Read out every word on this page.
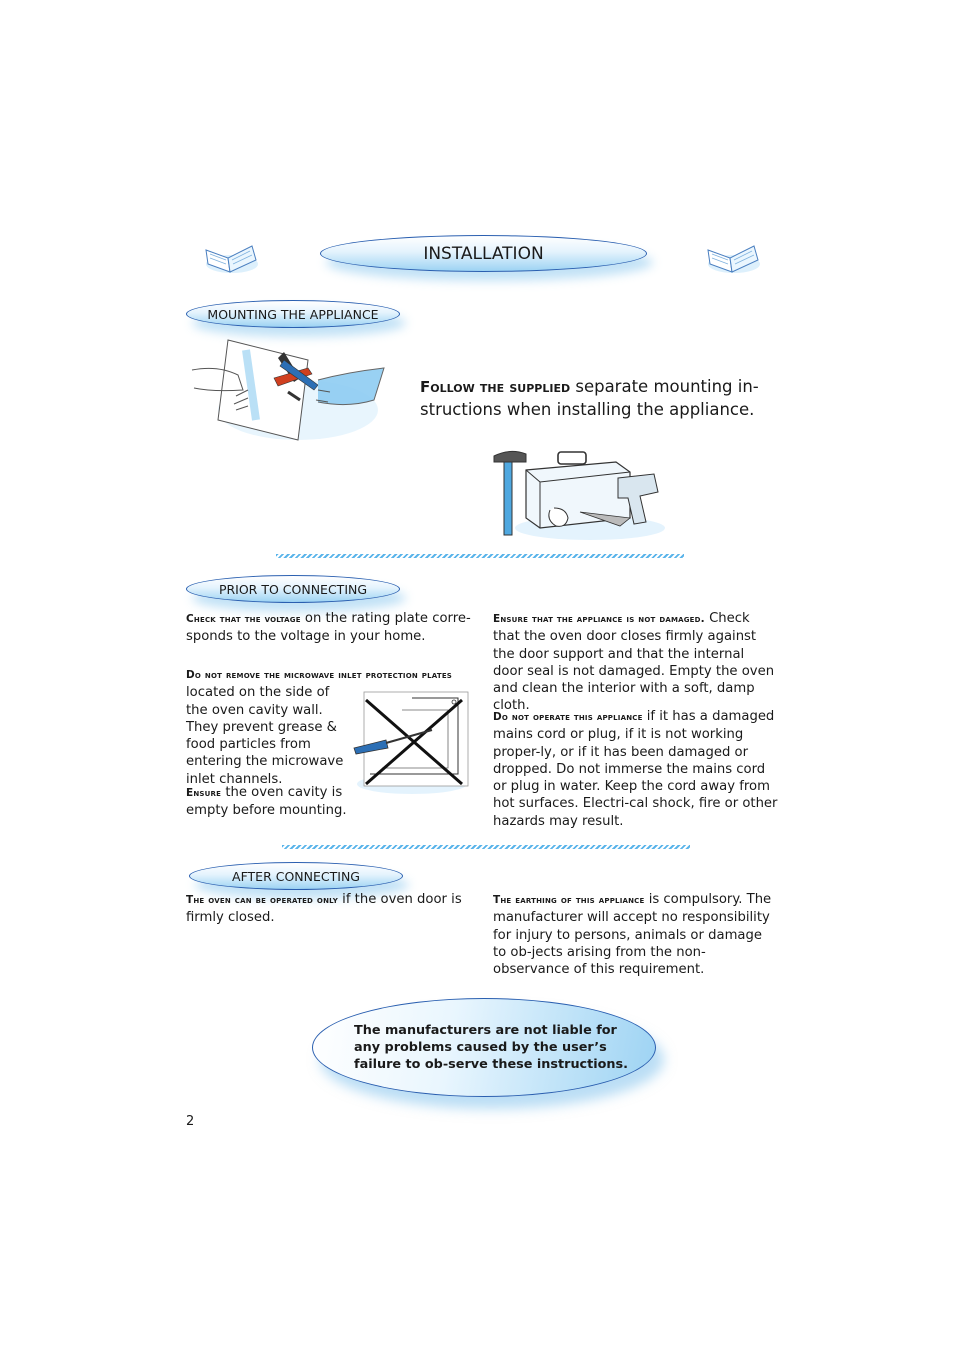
INSTALLATION
MOUNTING THE APPLIANCE
Follow the supplied separate mounting in-structions when installing the appliance.
PRIOR TO CONNECTING
Check that the voltage on the rating plate corre-sponds to the voltage in your home.
Do not remove the microwave inlet protection plates
located on the side of the oven cavity wall. They prevent grease & food particles from entering the microwave inlet channels.
Ensure the oven cavity is empty before mounting.
Ensure that the appliance is not damaged. Check that the oven door closes firmly against the door support and that the internal door seal is not damaged. Empty the oven and clean the interior with a soft, damp cloth.
Do not operate this appliance if it has a damaged mains cord or plug, if it is not working proper-ly, or if it has been damaged or dropped. Do not immerse the mains cord or plug in water. Keep the cord away from hot surfaces. Electri-cal shock, fire or other hazards may result.
AFTER CONNECTING
The oven can be operated only if the oven door is firmly closed.
The earthing of this appliance is compulsory. The manufacturer will accept no responsibility for injury to persons, animals or damage to ob-jects arising from the non-observance of this requirement.
The manufacturers are not liable for any problems caused by the user’s failure to ob-serve these instructions.
2
